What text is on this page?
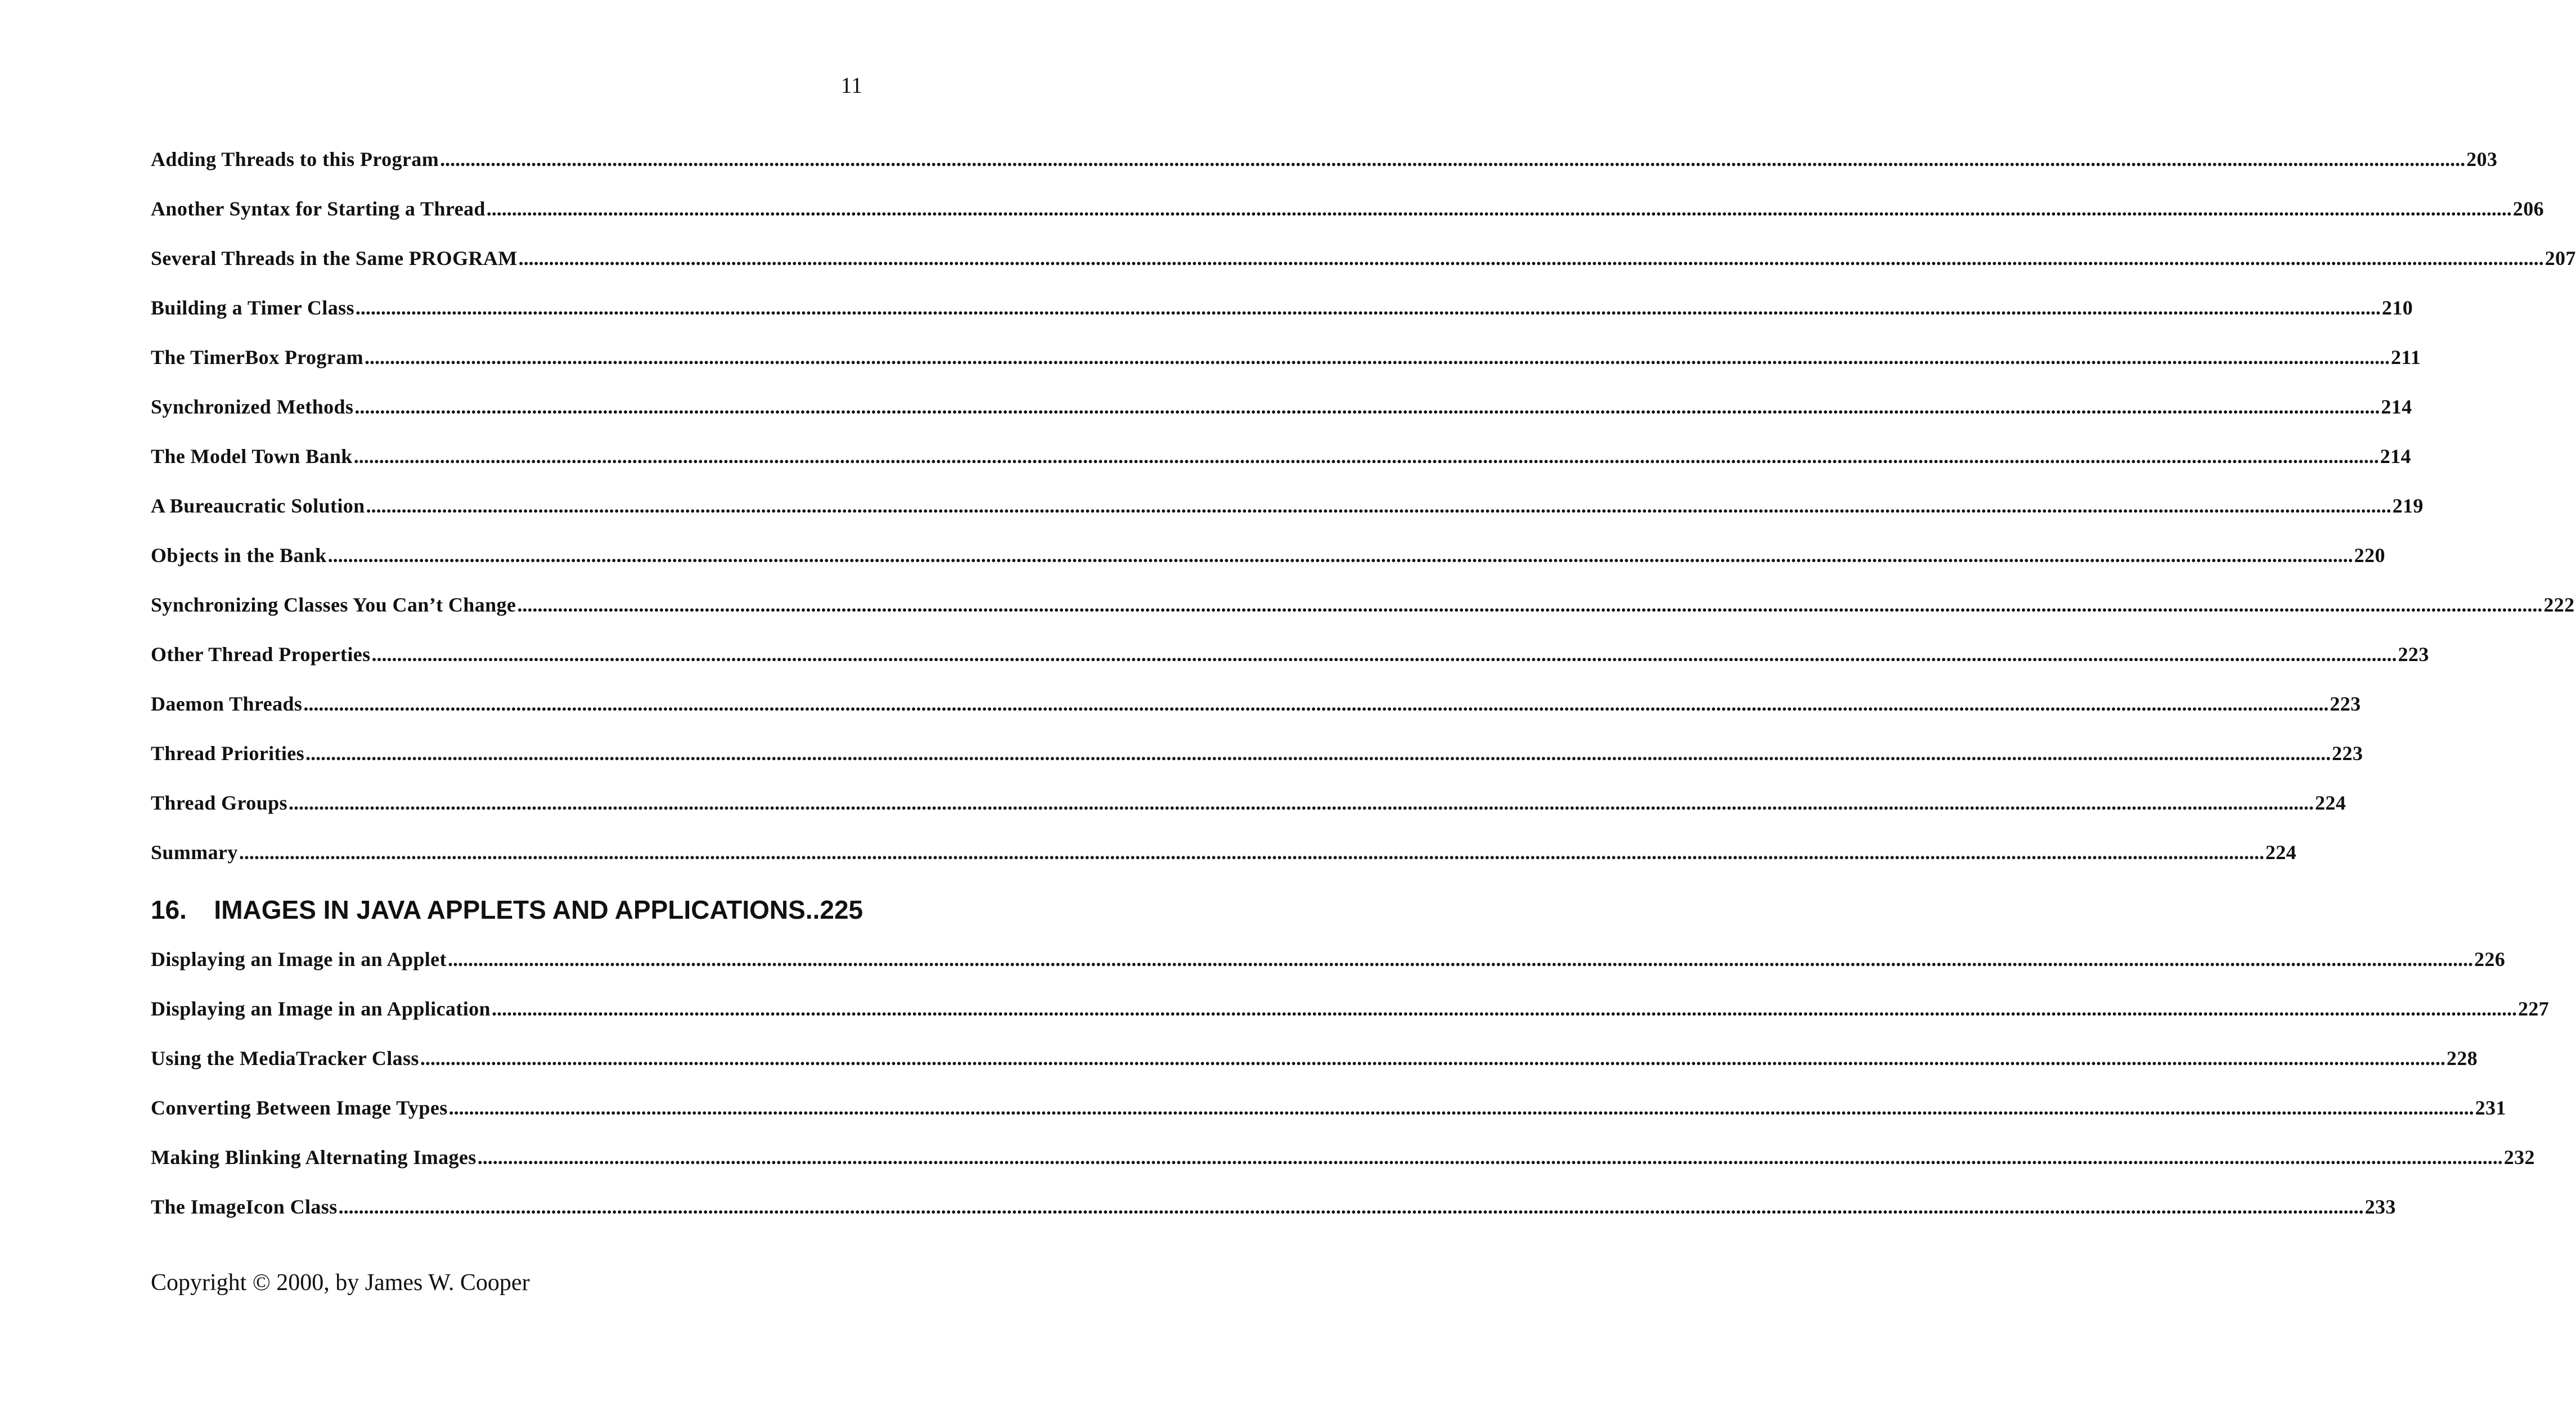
11
Adding Threads to this Program ................................................................................................................................................................................................................................................................................................................................................................................................................ 203
Another Syntax for Starting a Thread ................................................................................................................................................................................................................................................................................................................................................................................................................ 206
Several Threads in the Same PROGRAM ................................................................................................................................................................................................................................................................................................................................................................................................................ 207
Building a Timer Class ................................................................................................................................................................................................................................................................................................................................................................................................................ 210
The TimerBox Program ................................................................................................................................................................................................................................................................................................................................................................................................................ 211
Synchronized Methods ................................................................................................................................................................................................................................................................................................................................................................................................................ 214
The Model Town Bank ................................................................................................................................................................................................................................................................................................................................................................................................................ 214
A Bureaucratic Solution ................................................................................................................................................................................................................................................................................................................................................................................................................ 219
Objects in the Bank ................................................................................................................................................................................................................................................................................................................................................................................................................ 220
Synchronizing Classes You Can’t Change ................................................................................................................................................................................................................................................................................................................................................................................................................ 222
Other Thread Properties ................................................................................................................................................................................................................................................................................................................................................................................................................ 223
Daemon Threads ................................................................................................................................................................................................................................................................................................................................................................................................................ 223
Thread Priorities ................................................................................................................................................................................................................................................................................................................................................................................................................ 223
Thread Groups ................................................................................................................................................................................................................................................................................................................................................................................................................ 224
Summary ................................................................................................................................................................................................................................................................................................................................................................................................................ 224
16.	IMAGES IN JAVA APPLETS AND APPLICATIONS .. 225
Displaying an Image in an Applet ................................................................................................................................................................................................................................................................................................................................................................................................................ 226
Displaying an Image in an Application ................................................................................................................................................................................................................................................................................................................................................................................................................ 227
Using the MediaTracker Class ................................................................................................................................................................................................................................................................................................................................................................................................................ 228
Converting Between Image Types ................................................................................................................................................................................................................................................................................................................................................................................................................ 231
Making Blinking Alternating Images ................................................................................................................................................................................................................................................................................................................................................................................................................ 232
The ImageIcon Class ................................................................................................................................................................................................................................................................................................................................................................................................................ 233
Copyright © 2000, by James W. Cooper
